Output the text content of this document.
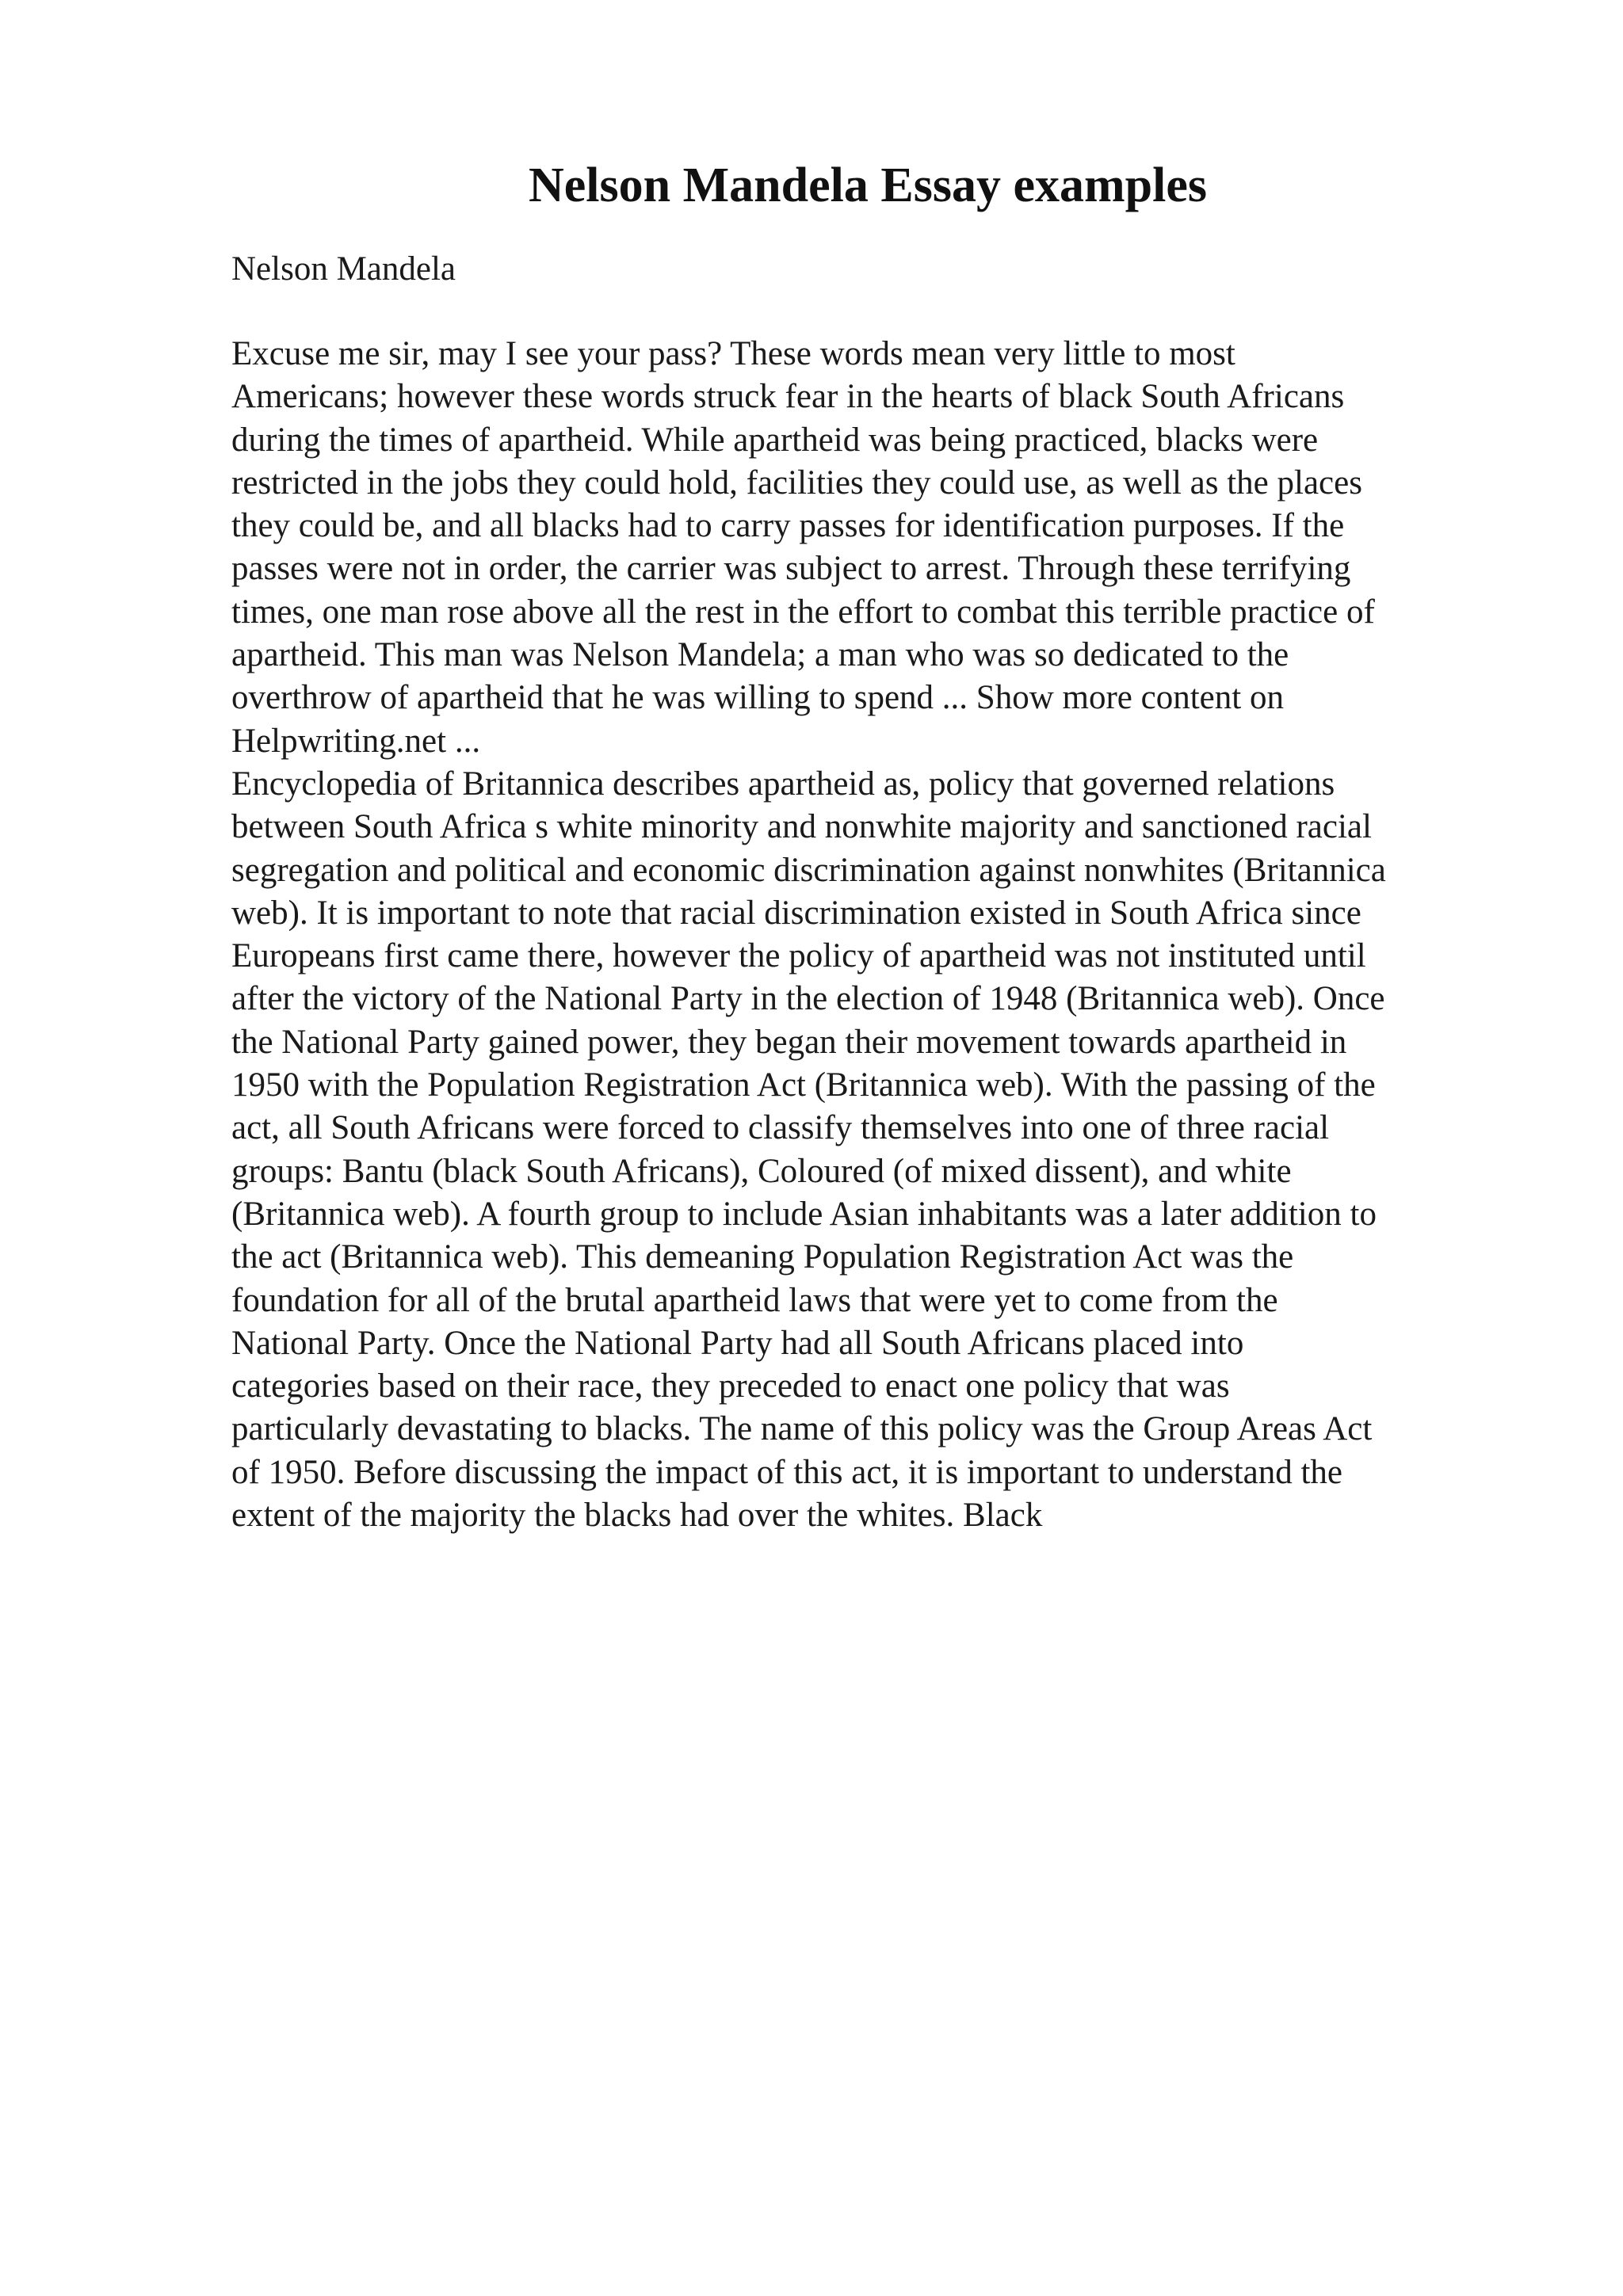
Nelson Mandela Essay examples

Nelson Mandela

Excuse me sir, may I see your pass? These words mean very little to most
Americans; however these words struck fear in the hearts of black South Africans
during the times of apartheid. While apartheid was being practiced, blacks were
restricted in the jobs they could hold, facilities they could use, as well as the places
they could be, and all blacks had to carry passes for identification purposes. If the
passes were not in order, the carrier was subject to arrest. Through these terrifying
times, one man rose above all the rest in the effort to combat this terrible practice of
apartheid. This man was Nelson Mandela; a man who was so dedicated to the
overthrow of apartheid that he was willing to spend ... Show more content on
Helpwriting.net ...
Encyclopedia of Britannica describes apartheid as, policy that governed relations
between South Africa s white minority and nonwhite majority and sanctioned racial
segregation and political and economic discrimination against nonwhites (Britannica
web). It is important to note that racial discrimination existed in South Africa since
Europeans first came there, however the policy of apartheid was not instituted until
after the victory of the National Party in the election of 1948 (Britannica web). Once
the National Party gained power, they began their movement towards apartheid in
1950 with the Population Registration Act (Britannica web). With the passing of the
act, all South Africans were forced to classify themselves into one of three racial
groups: Bantu (black South Africans), Coloured (of mixed dissent), and white
(Britannica web). A fourth group to include Asian inhabitants was a later addition to
the act (Britannica web). This demeaning Population Registration Act was the
foundation for all of the brutal apartheid laws that were yet to come from the
National Party. Once the National Party had all South Africans placed into
categories based on their race, they preceded to enact one policy that was
particularly devastating to blacks. The name of this policy was the Group Areas Act
of 1950. Before discussing the impact of this act, it is important to understand the
extent of the majority the blacks had over the whites. Black
